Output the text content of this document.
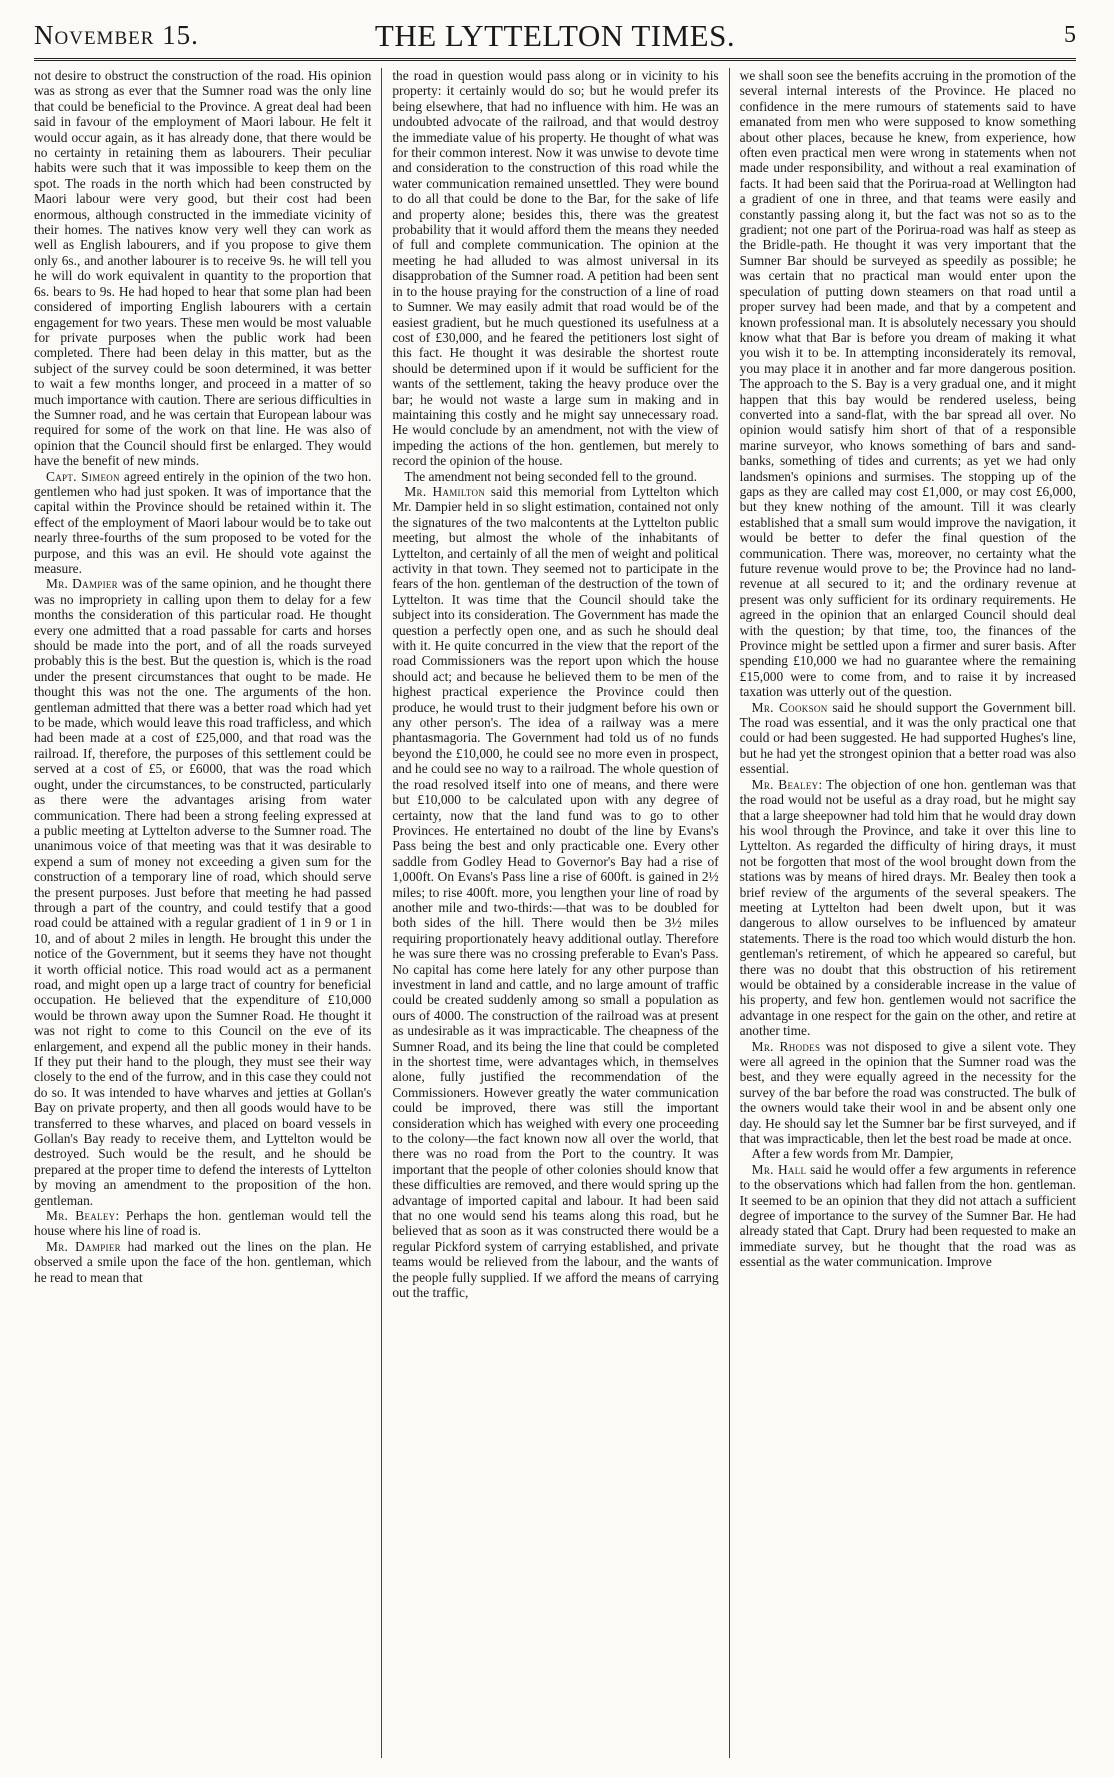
November 15.	THE LYTTELTON TIMES.	5

not desire to obstruct the construction of the road. His opinion was as strong as ever that the Sumner road was the only line that could be beneficial to the Province. A great deal had been said in favour of the employment of Maori labour. He felt it would occur again, as it has already done, that there would be no certainty in retaining them as labourers. Their peculiar habits were such that it was impossible to keep them on the spot. The roads in the north which had been constructed by Maori labour were very good, but their cost had been enormous, although constructed in the immediate vicinity of their homes. The natives know very well they can work as well as English labourers, and if you propose to give them only 6s., and another labourer is to receive 9s. he will tell you he will do work equivalent in quantity to the proportion that 6s. bears to 9s. He had hoped to hear that some plan had been considered of importing English labourers with a certain engagement for two years. These men would be most valuable for private purposes when the public work had been completed. There had been delay in this matter, but as the subject of the survey could be soon determined, it was better to wait a few months longer, and proceed in a matter of so much importance with caution. There are serious difficulties in the Sumner road, and he was certain that European labour was required for some of the work on that line. He was also of opinion that the Council should first be enlarged. They would have the benefit of new minds.

Capt. Simeon agreed entirely in the opinion of the two hon. gentlemen who had just spoken. It was of importance that the capital within the Province should be retained within it. The effect of the employment of Maori labour would be to take out nearly three-fourths of the sum proposed to be voted for the purpose, and this was an evil. He should vote against the measure.

Mr. Dampier was of the same opinion, and he thought there was no impropriety in calling upon them to delay for a few months the consideration of this particular road. He thought every one admitted that a road passable for carts and horses should be made into the port, and of all the roads surveyed probably this is the best. But the question is, which is the road under the present circumstances that ought to be made. He thought this was not the one. The arguments of the hon. gentleman admitted that there was a better road which had yet to be made, which would leave this road trafficless, and which had been made at a cost of £25,000, and that road was the railroad. If, therefore, the purposes of this settlement could be served at a cost of £5, or £6000, that was the road which ought, under the circumstances, to be constructed, particularly as there were the advantages arising from water communication. There had been a strong feeling expressed at a public meeting at Lyttelton adverse to the Sumner road. The unanimous voice of that meeting was that it was desirable to expend a sum of money not exceeding a given sum for the construction of a temporary line of road, which should serve the present purposes. Just before that meeting he had passed through a part of the country, and could testify that a good road could be attained with a regular gradient of 1 in 9 or 1 in 10, and of about 2 miles in length. He brought this under the notice of the Government, but it seems they have not thought it worth official notice. This road would act as a permanent road, and might open up a large tract of country for beneficial occupation. He believed that the expenditure of £10,000 would be thrown away upon the Sumner Road. He thought it was not right to come to this Council on the eve of its enlargement, and expend all the public money in their hands. If they put their hand to the plough, they must see their way closely to the end of the furrow, and in this case they could not do so. It was intended to have wharves and jetties at Gollan's Bay on private property, and then all goods would have to be transferred to these wharves, and placed on board vessels in Gollan's Bay ready to receive them, and Lyttelton would be destroyed. Such would be the result, and he should be prepared at the proper time to defend the interests of Lyttelton by moving an amendment to the proposition of the hon. gentleman.

Mr. Bealey: Perhaps the hon. gentleman would tell the house where his line of road is.

Mr. Dampier had marked out the lines on the plan. He observed a smile upon the face of the hon. gentleman, which he read to mean that

the road in question would pass along or in vicinity to his property: it certainly would do so; but he would prefer its being elsewhere, that had no influence with him. He was an undoubted advocate of the railroad, and that would destroy the immediate value of his property. He thought of what was for their common interest. Now it was unwise to devote time and consideration to the construction of this road while the water communication remained unsettled. They were bound to do all that could be done to the Bar, for the sake of life and property alone; besides this, there was the greatest probability that it would afford them the means they needed of full and complete communication. The opinion at the meeting he had alluded to was almost universal in its disapprobation of the Sumner road. A petition had been sent in to the house praying for the construction of a line of road to Sumner. We may easily admit that road would be of the easiest gradient, but he much questioned its usefulness at a cost of £30,000, and he feared the petitioners lost sight of this fact. He thought it was desirable the shortest route should be determined upon if it would be sufficient for the wants of the settlement, taking the heavy produce over the bar; he would not waste a large sum in making and in maintaining this costly and he might say unnecessary road. He would conclude by an amendment, not with the view of impeding the actions of the hon. gentlemen, but merely to record the opinion of the house.

The amendment not being seconded fell to the ground.

Mr. Hamilton said this memorial from Lyttelton which Mr. Dampier held in so slight estimation, contained not only the signatures of the two malcontents at the Lyttelton public meeting, but almost the whole of the inhabitants of Lyttelton, and certainly of all the men of weight and political activity in that town. They seemed not to participate in the fears of the hon. gentleman of the destruction of the town of Lyttelton. It was time that the Council should take the subject into its consideration. The Government has made the question a perfectly open one, and as such he should deal with it. He quite concurred in the view that the report of the road Commissioners was the report upon which the house should act; and because he believed them to be men of the highest practical experience the Province could then produce, he would trust to their judgment before his own or any other person's. The idea of a railway was a mere phantasmagoria. The Government had told us of no funds beyond the £10,000, he could see no more even in prospect, and he could see no way to a railroad. The whole question of the road resolved itself into one of means, and there were but £10,000 to be calculated upon with any degree of certainty, now that the land fund was to go to other Provinces. He entertained no doubt of the line by Evans's Pass being the best and only practicable one. Every other saddle from Godley Head to Governor's Bay had a rise of 1,000ft. On Evans's Pass line a rise of 600ft. is gained in 2½ miles; to rise 400ft. more, you lengthen your line of road by another mile and two-thirds:—that was to be doubled for both sides of the hill. There would then be 3½ miles requiring proportionately heavy additional outlay. Therefore he was sure there was no crossing preferable to Evan's Pass. No capital has come here lately for any other purpose than investment in land and cattle, and no large amount of traffic could be created suddenly among so small a population as ours of 4000. The construction of the railroad was at present as undesirable as it was impracticable. The cheapness of the Sumner Road, and its being the line that could be completed in the shortest time, were advantages which, in themselves alone, fully justified the recommendation of the Commissioners. However greatly the water communication could be improved, there was still the important consideration which has weighed with every one proceeding to the colony—the fact known now all over the world, that there was no road from the Port to the country. It was important that the people of other colonies should know that these difficulties are removed, and there would spring up the advantage of imported capital and labour. It had been said that no one would send his teams along this road, but he believed that as soon as it was constructed there would be a regular Pickford system of carrying established, and private teams would be relieved from the labour, and the wants of the people fully supplied. If we afford the means of carrying out the traffic,

we shall soon see the benefits accruing in the promotion of the several internal interests of the Province. He placed no confidence in the mere rumours of statements said to have emanated from men who were supposed to know something about other places, because he knew, from experience, how often even practical men were wrong in statements when not made under responsibility, and without a real examination of facts. It had been said that the Porirua-road at Wellington had a gradient of one in three, and that teams were easily and constantly passing along it, but the fact was not so as to the gradient; not one part of the Porirua-road was half as steep as the Bridle-path. He thought it was very important that the Sumner Bar should be surveyed as speedily as possible; he was certain that no practical man would enter upon the speculation of putting down steamers on that road until a proper survey had been made, and that by a competent and known professional man. It is absolutely necessary you should know what that Bar is before you dream of making it what you wish it to be. In attempting inconsiderately its removal, you may place it in another and far more dangerous position. The approach to the S. Bay is a very gradual one, and it might happen that this bay would be rendered useless, being converted into a sand-flat, with the bar spread all over. No opinion would satisfy him short of that of a responsible marine surveyor, who knows something of bars and sand-banks, something of tides and currents; as yet we had only landsmen's opinions and surmises. The stopping up of the gaps as they are called may cost £1,000, or may cost £6,000, but they knew nothing of the amount. Till it was clearly established that a small sum would improve the navigation, it would be better to defer the final question of the communication. There was, moreover, no certainty what the future revenue would prove to be; the Province had no land-revenue at all secured to it; and the ordinary revenue at present was only sufficient for its ordinary requirements. He agreed in the opinion that an enlarged Council should deal with the question; by that time, too, the finances of the Province might be settled upon a firmer and surer basis. After spending £10,000 we had no guarantee where the remaining £15,000 were to come from, and to raise it by increased taxation was utterly out of the question.

Mr. Cookson said he should support the Government bill. The road was essential, and it was the only practical one that could or had been suggested. He had supported Hughes's line, but he had yet the strongest opinion that a better road was also essential.

Mr. Bealey: The objection of one hon. gentleman was that the road would not be useful as a dray road, but he might say that a large sheepowner had told him that he would dray down his wool through the Province, and take it over this line to Lyttelton. As regarded the difficulty of hiring drays, it must not be forgotten that most of the wool brought down from the stations was by means of hired drays. Mr. Bealey then took a brief review of the arguments of the several speakers. The meeting at Lyttelton had been dwelt upon, but it was dangerous to allow ourselves to be influenced by amateur statements. There is the road too which would disturb the hon. gentleman's retirement, of which he appeared so careful, but there was no doubt that this obstruction of his retirement would be obtained by a considerable increase in the value of his property, and few hon. gentlemen would not sacrifice the advantage in one respect for the gain on the other, and retire at another time.

Mr. Rhodes was not disposed to give a silent vote. They were all agreed in the opinion that the Sumner road was the best, and they were equally agreed in the necessity for the survey of the bar before the road was constructed. The bulk of the owners would take their wool in and be absent only one day. He should say let the Sumner bar be first surveyed, and if that was impracticable, then let the best road be made at once.

After a few words from Mr. Dampier,

Mr. Hall said he would offer a few arguments in reference to the observations which had fallen from the hon. gentleman. It seemed to be an opinion that they did not attach a sufficient degree of importance to the survey of the Sumner Bar. He had already stated that Capt. Drury had been requested to make an immediate survey, but he thought that the road was as essential as the water communication. Improve
